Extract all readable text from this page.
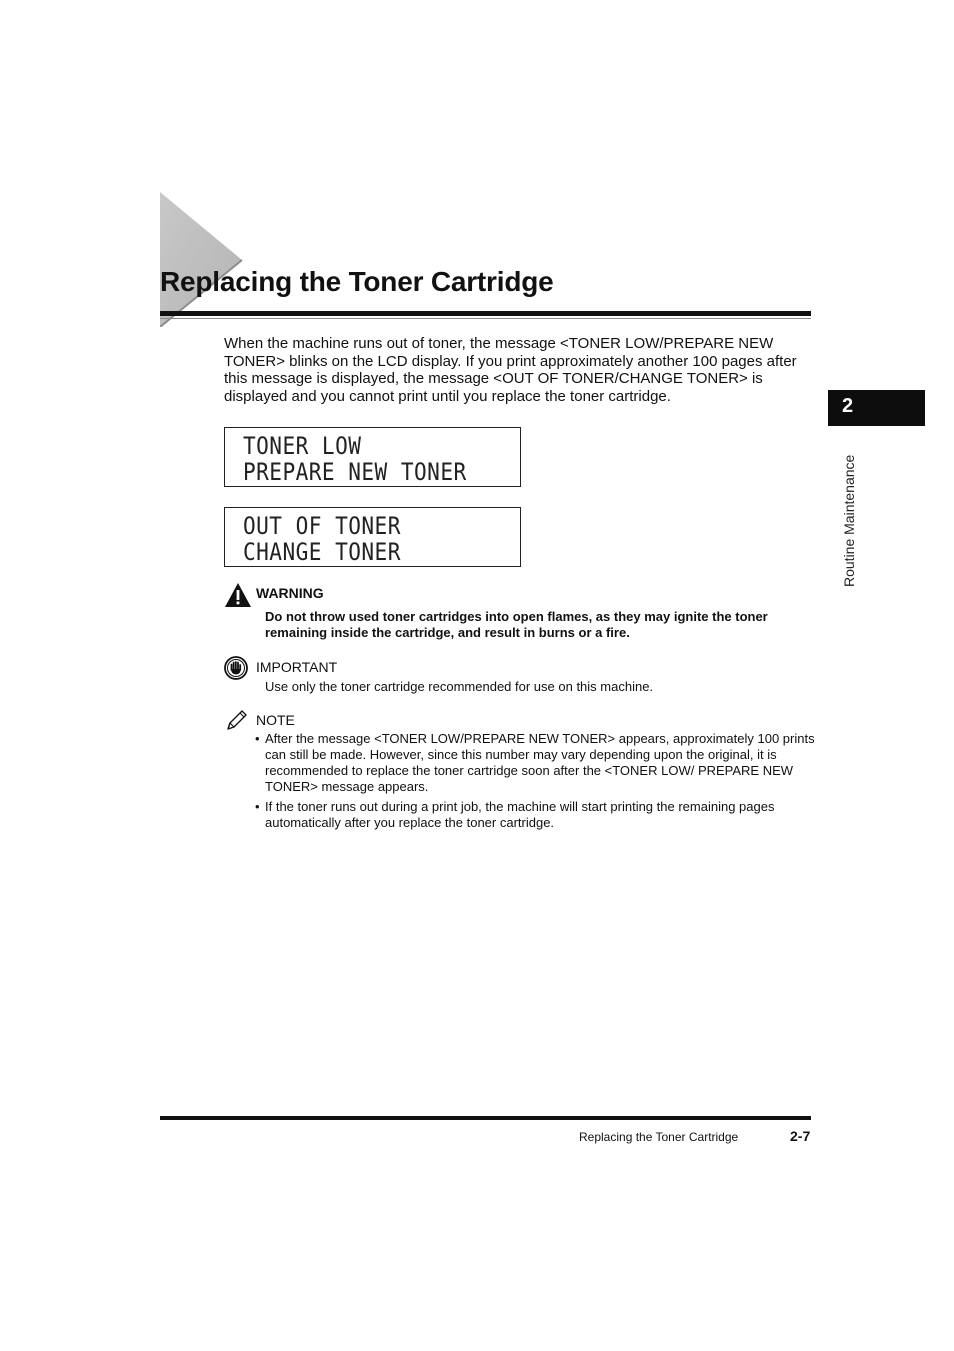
Replacing the Toner Cartridge

When the machine runs out of toner, the message <TONER LOW/PREPARE NEW TONER> blinks on the LCD display. If you print approximately another 100 pages after this message is displayed, the message <OUT OF TONER/CHANGE TONER> is displayed and you cannot print until you replace the toner cartridge.

TONER LOW
PREPARE NEW TONER
OUT OF TONER
CHANGE TONER
WARNING

Do not throw used toner cartridges into open flames, as they may ignite the toner remaining inside the cartridge, and result in burns or a fire.

IMPORTANT

Use only the toner cartridge recommended for use on this machine.

NOTE
• After the message <TONER LOW/PREPARE NEW TONER> appears, approximately 100 prints can still be made. However, since this number may vary depending upon the original, it is recommended to replace the toner cartridge soon after the <TONER LOW/ PREPARE NEW TONER> message appears.
• If the toner runs out during a print job, the machine will start printing the remaining pages automatically after you replace the toner cartridge.
2
Routine Maintenance
Replacing the Toner Cartridge	2-7
